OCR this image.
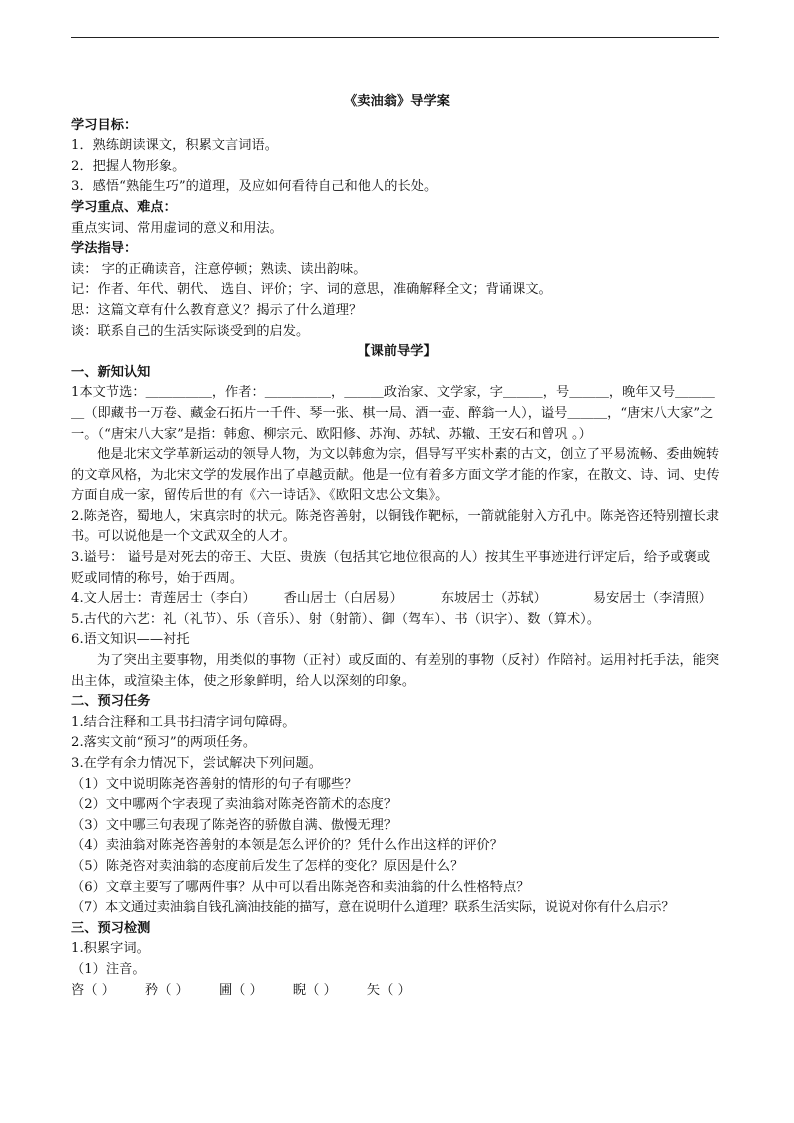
《卖油翁》导学案
学习目标：
1．熟练朗读课文，积累文言词语。
2．把握人物形象。
3．感悟“熟能生巧”的道理，及应如何看待自己和他人的长处。
学习重点、难点：
重点实词、常用虚词的意义和用法。
学法指导：
读： 字的正确读音，注意停顿；熟读、读出韵味。
记：作者、年代、朝代、 选自、评价；字、词的意思，准确解释全文；背诵课文。
思：这篇文章有什么教育意义？揭示了什么道理？
谈：联系自己的生活实际谈受到的启发。
【课前导学】
一、新知认知
1本文节选：＿＿＿＿＿，作者：＿＿＿＿＿，＿＿＿政治家、文学家，字＿＿＿，号＿＿＿，晚年又号＿＿＿＿（即藏书一万卷、藏金石拓片一千件、琴一张、棋一局、酒一壶、醉翁一人），谥号＿＿＿，“唐宋八大家”之一。（“唐宋八大家”是指：韩愈、柳宗元、欧阳修、苏洵、苏轼、苏辙、王安石和曾巩 。）
他是北宋文学革新运动的领导人物，为文以韩愈为宗，倡导写平实朴素的古文，创立了平易流畅、委曲婉转的文章风格，为北宋文学的发展作出了卓越贡献。他是一位有着多方面文学才能的作家，在散文、诗、词、史传方面自成一家，留传后世的有《六一诗话》、《欧阳文忠公文集》。
2.陈尧咨，蜀地人，宋真宗时的状元。陈尧咨善射，以铜钱作靶标，一箭就能射入方孔中。陈尧咨还特别擅长隶书。可以说他是一个文武双全的人才。
3.谥号： 谥号是对死去的帝王、大臣、贵族（包括其它地位很高的人）按其生平事迹进行评定后，给予或褒或贬或同情的称号，始于西周。
4.文人居士：青莲居士（李白） 香山居士（白居易）	东坡居士（苏轼）	易安居士（李清照）
5.古代的六艺：礼（礼节）、乐（音乐）、射（射箭）、御（驾车）、书（识字）、数（算术）。
6.语文知识——衬托
为了突出主要事物，用类似的事物（正衬）或反面的、有差别的事物（反衬）作陪衬。运用衬托手法，能突出主体，或渲染主体，使之形象鲜明，给人以深刻的印象。
二、预习任务
1.结合注释和工具书扫清字词句障碍。
2.落实文前“预习”的两项任务。
3.在学有余力情况下，尝试解决下列问题。
（1）文中说明陈尧咨善射的情形的句子有哪些？
（2）文中哪两个字表现了卖油翁对陈尧咨箭术的态度？
（3）文中哪三句表现了陈尧咨的骄傲自满、傲慢无理？
（4）卖油翁对陈尧咨善射的本领是怎么评价的？凭什么作出这样的评价？
（5）陈尧咨对卖油翁的态度前后发生了怎样的变化？原因是什么？
（6）文章主要写了哪两件事？从中可以看出陈尧咨和卖油翁的什么性格特点？
（7）本文通过卖油翁自钱孔滴油技能的描写，意在说明什么道理？联系生活实际，说说对你有什么启示？
三、预习检测
1.积累字词。
（1）注音。
咨（ ） 矜（ ） 圃（ ） 睨（ ） 矢（ ）
